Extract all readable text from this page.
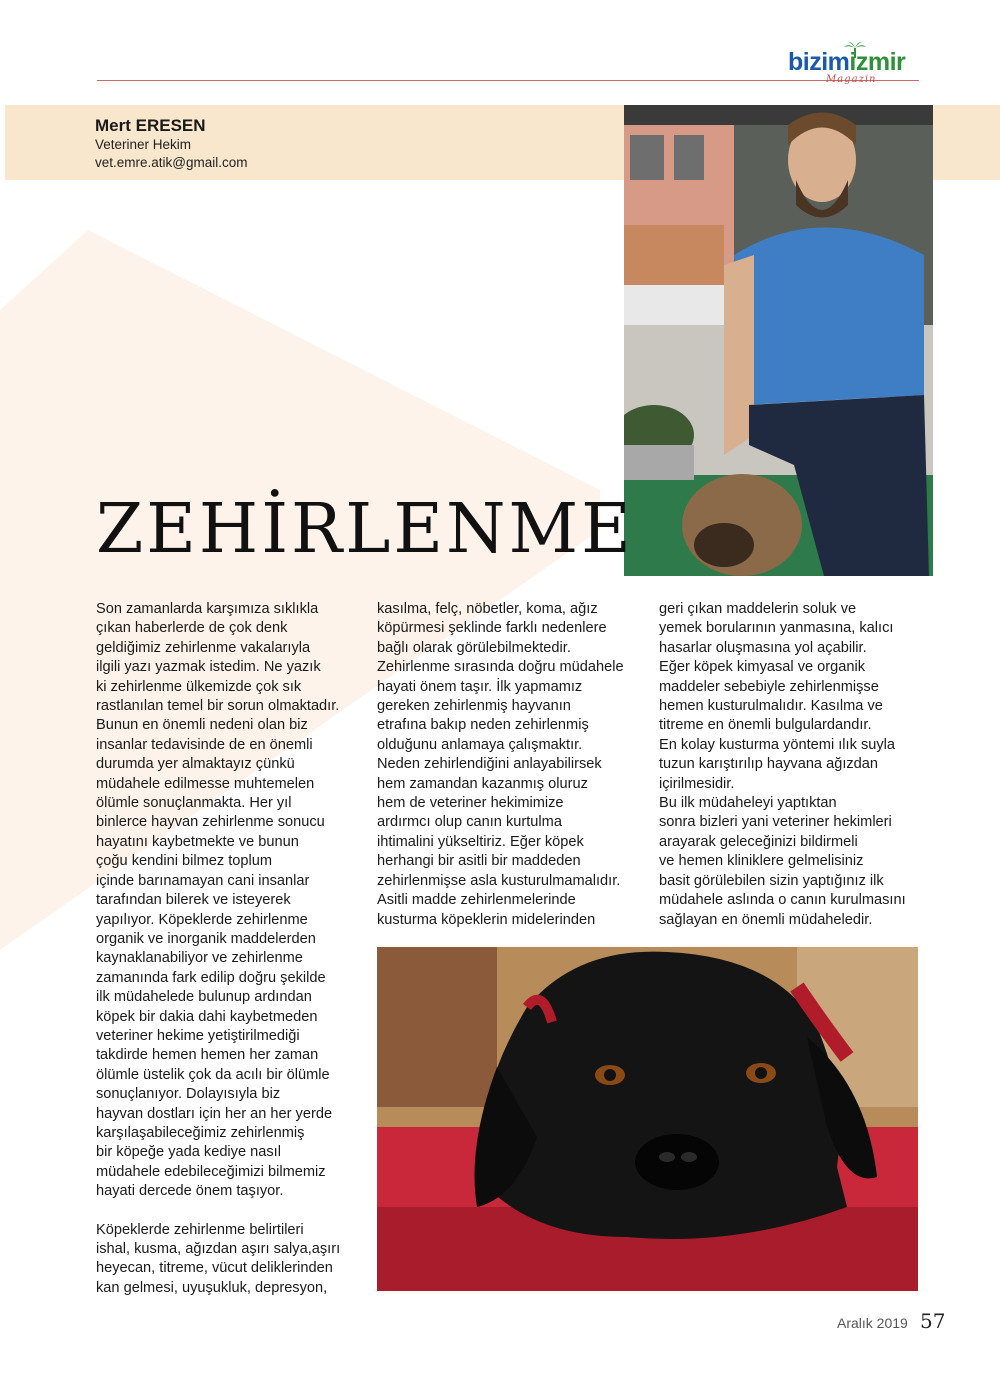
bizimizmir
Magazin
Mert ERESEN
Veteriner Hekim
vet.emre.atik@gmail.com
ZEHİRLENME

Son zamanlarda karşımıza sıklıkla
çıkan haberlerde de çok denk
geldiğimiz zehirlenme vakalarıyla
ilgili yazı yazmak istedim. Ne yazık
ki zehirlenme ülkemizde çok sık
rastlanılan temel bir sorun olmaktadır.
Bunun en önemli nedeni olan biz
insanlar tedavisinde de en önemli
durumda yer almaktayız çünkü
müdahele edilmesse muhtemelen
ölümle sonuçlanmakta. Her yıl
binlerce hayvan zehirlenme sonucu
hayatını kaybetmekte ve bunun
çoğu kendini bilmez toplum
içinde barınamayan cani insanlar
tarafından bilerek ve isteyerek
yapılıyor. Köpeklerde zehirlenme
organik ve inorganik maddelerden
kaynaklanabiliyor ve zehirlenme
zamanında fark edilip doğru şekilde
ilk müdahelede bulunup ardından
köpek bir dakia dahi kaybetmeden
veteriner hekime yetiştirilmediği
takdirde hemen hemen her zaman
ölümle üstelik çok da acılı bir ölümle
sonuçlanıyor. Dolayısıyla biz
hayvan dostları için her an her yerde
karşılaşabileceğimiz zehirlenmiş
bir köpeğe yada kediye nasıl
müdahele edebileceğimizi bilmemiz
hayati dercede önem taşıyor.

Köpeklerde zehirlenme belirtileri
ishal, kusma, ağızdan aşırı salya,aşırı
heyecan, titreme, vücut deliklerinden
kan gelmesi, uyuşukluk, depresyon,

kasılma, felç, nöbetler, koma, ağız
köpürmesi şeklinde farklı nedenlere
bağlı olarak görülebilmektedir.
Zehirlenme sırasında doğru müdahele
hayati önem taşır. İlk yapmamız
gereken zehirlenmiş hayvanın
etrafına bakıp neden zehirlenmiş
olduğunu anlamaya çalışmaktır.
Neden zehirlendiğini anlayabilirsek
hem zamandan kazanmış oluruz
hem de veteriner hekimimize
ardırmcı olup canın kurtulma
ihtimalini yükseltiriz. Eğer köpek
herhangi bir asitli bir maddeden
zehirlenmişse asla kusturulmamalıdır.
Asitli madde zehirlenmelerinde
kusturma köpeklerin midelerinden

geri çıkan maddelerin soluk ve
yemek borularının yanmasına, kalıcı
hasarlar oluşmasına yol açabilir.
Eğer köpek kimyasal ve organik
maddeler sebebiyle zehirlenmişse
hemen kusturulmalıdır. Kasılma ve
titreme en önemli bulgulardandır.
En kolay kusturma yöntemi ılık suyla
tuzun karıştırılıp hayvana ağızdan
içirilmesidir.

Bu ilk müdaheleyi yaptıktan
sonra bizleri yani veteriner hekimleri
arayarak geleceğinizi bildirmeli
ve hemen kliniklere gelmelisiniz
basit görülebilen sizin yaptığınız ilk
müdahele aslında o canın kurulmasını
sağlayan en önemli müdaheledir.

Aralık 2019 57
